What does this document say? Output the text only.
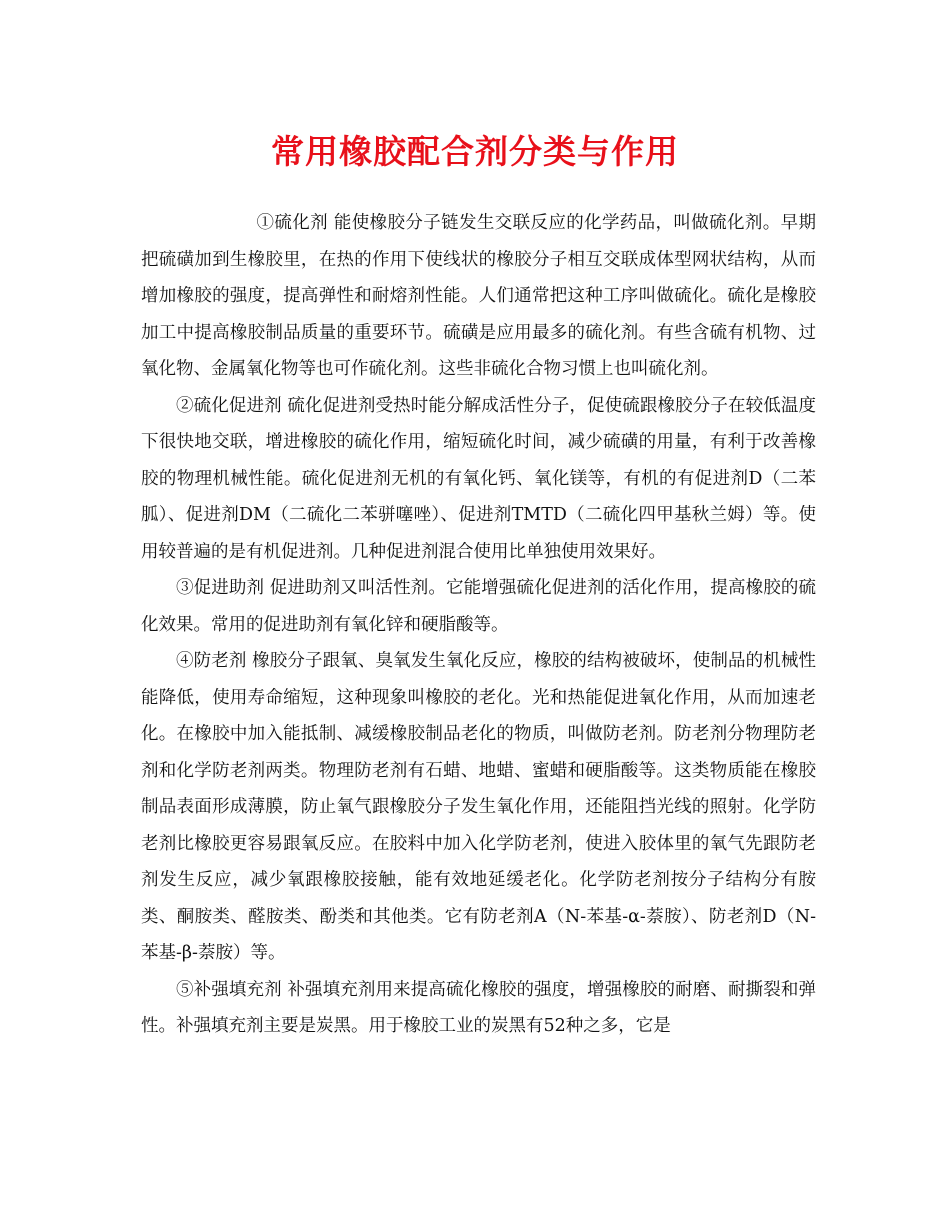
常用橡胶配合剂分类与作用

①硫化剂 能使橡胶分子链发生交联反应的化学药品，叫做硫化剂。早期把硫磺加到生橡胶里，在热的作用下使线状的橡胶分子相互交联成体型网状结构，从而增加橡胶的强度，提高弹性和耐熔剂性能。人们通常把这种工序叫做硫化。硫化是橡胶加工中提高橡胶制品质量的重要环节。硫磺是应用最多的硫化剂。有些含硫有机物、过氧化物、金属氧化物等也可作硫化剂。这些非硫化合物习惯上也叫硫化剂。

②硫化促进剂 硫化促进剂受热时能分解成活性分子，促使硫跟橡胶分子在较低温度下很快地交联，增进橡胶的硫化作用，缩短硫化时间，减少硫磺的用量，有利于改善橡胶的物理机械性能。硫化促进剂无机的有氧化钙、氧化镁等，有机的有促进剂D（二苯胍）、促进剂DM（二硫化二苯骈噻唑）、促进剂TMTD（二硫化四甲基秋兰姆）等。使用较普遍的是有机促进剂。几种促进剂混合使用比单独使用效果好。

③促进助剂 促进助剂又叫活性剂。它能增强硫化促进剂的活化作用，提高橡胶的硫化效果。常用的促进助剂有氧化锌和硬脂酸等。

④防老剂 橡胶分子跟氧、臭氧发生氧化反应，橡胶的结构被破坏，使制品的机械性能降低，使用寿命缩短，这种现象叫橡胶的老化。光和热能促进氧化作用，从而加速老化。在橡胶中加入能抵制、减缓橡胶制品老化的物质，叫做防老剂。防老剂分物理防老剂和化学防老剂两类。物理防老剂有石蜡、地蜡、蜜蜡和硬脂酸等。这类物质能在橡胶制品表面形成薄膜，防止氧气跟橡胶分子发生氧化作用，还能阻挡光线的照射。化学防老剂比橡胶更容易跟氧反应。在胶料中加入化学防老剂，使进入胶体里的氧气先跟防老剂发生反应，减少氧跟橡胶接触，能有效地延缓老化。化学防老剂按分子结构分有胺类、酮胺类、醛胺类、酚类和其他类。它有防老剂A（N-苯基-α-萘胺）、防老剂D（N-苯基-β-萘胺）等。

⑤补强填充剂 补强填充剂用来提高硫化橡胶的强度，增强橡胶的耐磨、耐撕裂和弹性。补强填充剂主要是炭黑。用于橡胶工业的炭黑有52种之多，它是
